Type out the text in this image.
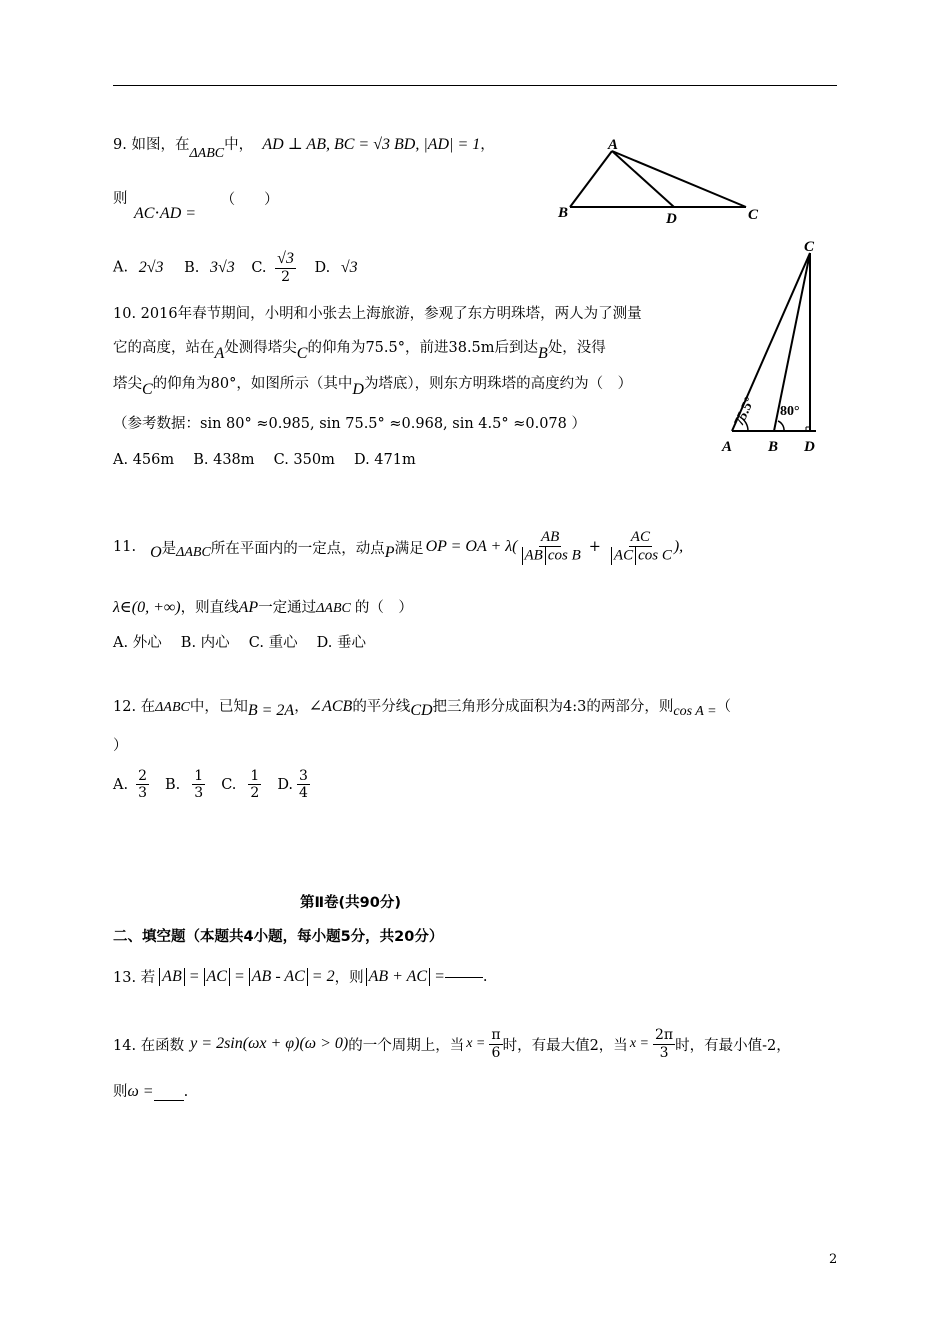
9. 如图，在ΔABC中， AD ⊥ AB, BC = √3 BD, |AD| = 1，
则
AC⋅AD = （　　）
A. 2√3 B. 3√3 C. $\frac{√3}{2} D$. √3
A
B	D	C
10. 2016年春节期间，小明和小张去上海旅游，参观了东方明珠塔，两人为了测量
它的高度，站在A处测得塔尖C的仰角为75.5°，前进38.5m后到达B处，没得
塔尖C的仰角为80°，如图所示（其中D为塔底），则东方明珠塔的高度约为（　）
（参考数据：sin 80° ≈0.985, sin 75.5° ≈0.968, sin 4.5° ≈0.078 ）
A. 456m　 B. 438m　 C. 350m　 D. 471m
C
A B D
75.5° 80°
11. O 是 ΔABC 所在平面内的一定点，动点 P 满足 OP = OA + $\lambda( \frac{AB}{\text{AB cos B}} + \frac{AC}{\text{AC cos C}}$ ),
λ∈(0, +∞)，则直线AP一定通过ΔABC 的（　）
A. 外心　 B. 内心　 C. 重心　 D. 垂心
12. 在ΔABC中，已知B = 2A，∠ACB的平分线CD把三角形分成面积为4:3的两部分，则cos A =（
）
A. $\frac{2}{3} B$. $\frac{1}{3} C$. $\frac{1}{2} D$. $\frac{3}{4}$
第Ⅱ卷(共90分)
二、填空题（本题共4小题，每小题5分，共20分）
13. 若 AB = AC = AB - AC = 2 ，则 AB + AC =	.
14. 在函数 y = 2sin(ωx + φ)(ω > 0) 的一个周期上，当 $x = \frac{\pi}{6}$ 时，有最大值2，当 $x = \frac{2\pi}{3}$ 时，有最小值-2，
则ω = .
2
